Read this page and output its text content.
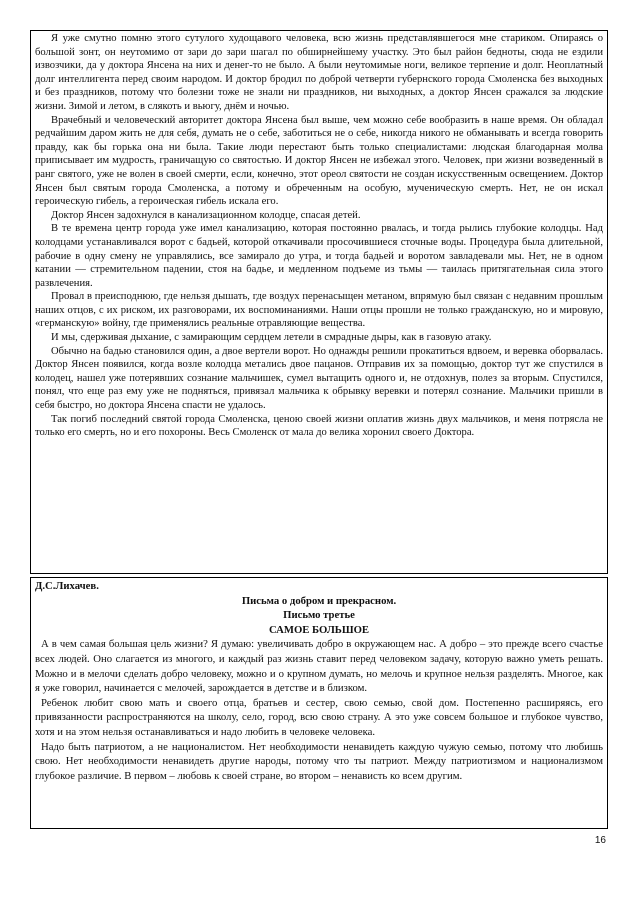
Я уже смутно помню этого сутулого худощавого человека, всю жизнь представлявшегося мне стариком. Опираясь о большой зонт, он неутомимо от зари до зари шагал по обширнейшему участку. Это был район бедноты, сюда не ездили извозчики, да у доктора Янсена на них и денег-то не было. А были неутомимые ноги, великое терпение и долг. Неоплатный долг интеллигента перед своим народом. И доктор бродил по доброй четверти губернского города Смоленска без выходных и без праздников, потому что болезни тоже не знали ни праздников, ни выходных, а доктор Янсен сражался за людские жизни. Зимой и летом, в слякоть и вьюгу, днём и ночью.

Врачебный и человеческий авторитет доктора Янсена был выше, чем можно себе вообразить в наше время. Он обладал редчайшим даром жить не для себя, думать не о себе, заботиться не о себе, никогда никого не обманывать и всегда говорить правду, как бы горька она ни была. Такие люди перестают быть только специалистами: людская благодарная молва приписывает им мудрость, граничащую со святостью. И доктор Янсен не избежал этого. Человек, при жизни возведенный в ранг святого, уже не волен в своей смерти, если, конечно, этот ореол святости не создан искусственным освещением. Доктор Янсен был святым города Смоленска, а потому и обреченным на особую, мученическую смерть. Нет, не он искал героическую гибель, а героическая гибель искала его.

Доктор Янсен задохнулся в канализационном колодце, спасая детей.

В те времена центр города уже имел канализацию, которая постоянно рвалась, и тогда рылись глубокие колодцы. Над колодцами устанавливался ворот с бадьей, которой откачивали просочившиеся сточные воды. Процедура была длительной, рабочие в одну смену не управлялись, все замирало до утра, и тогда бадьей и воротом завладевали мы. Нет, не в одном катании — стремительном падении, стоя на бадье, и медленном подъеме из тьмы — таилась притягательная сила этого развлечения.

Провал в преисподнюю, где нельзя дышать, где воздух перенасыщен метаном, впрямую был связан с недавним прошлым наших отцов, с их риском, их разговорами, их воспоминаниями. Наши отцы прошли не только гражданскую, но и мировую, «германскую» войну, где применялись реальные отравляющие вещества.

И мы, сдерживая дыхание, с замирающим сердцем летели в смрадные дыры, как в газовую атаку.

Обычно на бадью становился один, а двое вертели ворот. Но однажды решили прокатиться вдвоем, и веревка оборвалась. Доктор Янсен появился, когда возле колодца метались двое пацанов. Отправив их за помощью, доктор тут же спустился в колодец, нашел уже потерявших сознание мальчишек, сумел вытащить одного и, не отдохнув, полез за вторым. Спустился, понял, что еще раз ему уже не подняться, привязал мальчика к обрывку веревки и потерял сознание. Мальчики пришли в себя быстро, но доктора Янсена спасти не удалось.

Так погиб последний святой города Смоленска, ценою своей жизни оплатив жизнь двух мальчиков, и меня потрясла не только его смерть, но и его похороны. Весь Смоленск от мала до велика хоронил своего Доктора.

Д.С.Лихачев.

Письма о добром и прекрасном.

Письмо третье

САМОЕ БОЛЬШОЕ

А в чем самая большая цель жизни? Я думаю: увеличивать добро в окружающем нас. А добро – это прежде всего счастье всех людей. Оно слагается из многого, и каждый раз жизнь ставит перед человеком задачу, которую важно уметь решать. Можно и в мелочи сделать добро человеку, можно и о крупном думать, но мелочь и крупное нельзя разделять. Многое, как я уже говорил, начинается с мелочей, зарождается в детстве и в близком.

Ребенок любит свою мать и своего отца, братьев и сестер, свою семью, свой дом. Постепенно расширяясь, его привязанности распространяются на школу, село, город, всю свою страну. А это уже совсем большое и глубокое чувство, хотя и на этом нельзя останавливаться и надо любить в человеке человека.

Надо быть патриотом, а не националистом. Нет необходимости ненавидеть каждую чужую семью, потому что любишь свою. Нет необходимости ненавидеть другие народы, потому что ты патриот. Между патриотизмом и национализмом глубокое различие. В первом – любовь к своей стране, во втором – ненависть ко всем другим.

16
